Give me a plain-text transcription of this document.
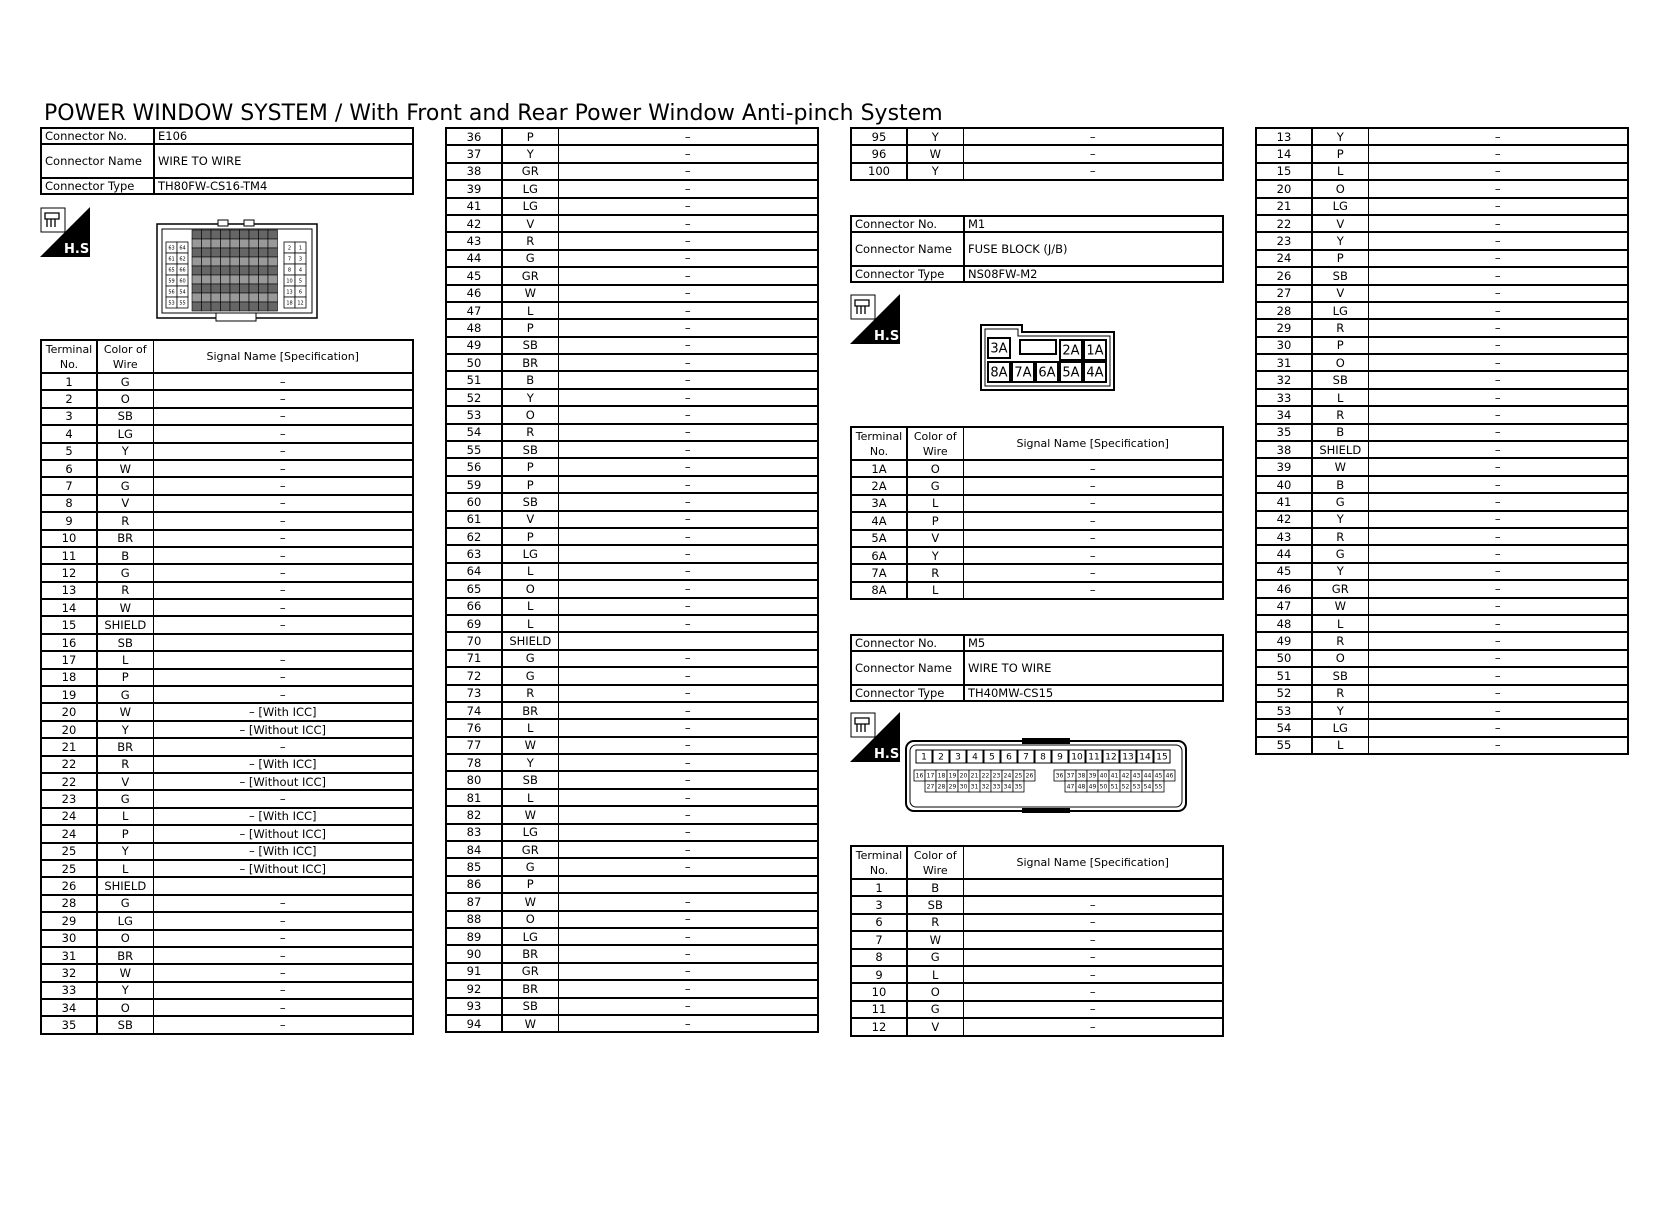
POWER WINDOW SYSTEM / With Front and Rear Power Window Anti-pinch System
Connector No.	E106
Connector Name	WIRE TO WIRE
Connector Type	TH80FW-CS16-TM4
H.S.	63 64
61 62
65 66
59 60
56 54
53 55
2 1
7 3
8 4
10 5
13 6
18 12
Terminal No.	Color of Wire	Signal Name [Specification]
1	G	–
2	O	–
3	SB	–
4	LG	–
5	Y	–
6	W	–
7	G	–
8	V	–
9	R	–
10	BR	–
11	B	–
12	G	–
13	R	–
14	W	–
15	SHIELD	–
16	SB	
17	L	–
18	P	–
19	G	–
20	W	– [With ICC]
20	Y	– [Without ICC]
21	BR	–
22	R	– [With ICC]
22	V	– [Without ICC]
23	G	–
24	L	– [With ICC]
24	P	– [Without ICC]
25	Y	– [With ICC]
25	L	– [Without ICC]
26	SHIELD	
28	G	–
29	LG	–
30	O	–
31	BR	–
32	W	–
33	Y	–
34	O	–
35	SB	–
36	P	–
37	Y	–
38	GR	–
39	LG	–
41	LG	–
42	V	–
43	R	–
44	G	–
45	GR	–
46	W	–
47	L	–
48	P	–
49	SB	–
50	BR	–
51	B	–
52	Y	–
53	O	–
54	R	–
55	SB	–
56	P	–
59	P	–
60	SB	–
61	V	–
62	P	–
63	LG	–
64	L	–
65	O	–
66	L	–
69	L	–
70	SHIELD	
71	G	–
72	G	–
73	R	–
74	BR	–
76	L	–
77	W	–
78	Y	–
80	SB	–
81	L	–
82	W	–
83	LG	–
84	GR	–
85	G	–
86	P	
87	W	–
88	O	–
89	LG	–
90	BR	–
91	GR	–
92	BR	–
93	SB	–
94	W	–
95	Y	–
96	W	–
100	Y	–
Connector No.	M1
Connector Name	FUSE BLOCK (J/B)
Connector Type	NS08FW-M2
H.S.
3A	2A 1A
8A 7A 6A 5A 4A
Terminal No.	Color of Wire	Signal Name [Specification]
1A	O	–
2A	G	–
3A	L	–
4A	P	–
5A	V	–
6A	Y	–
7A	R	–
8A	L	–
Connector No.	M5
Connector Name	WIRE TO WIRE
Connector Type	TH40MW-CS15
H.S. 1 2 3 4 5 6 7 8 9 10 11 12 13 14 15
16 17 18 19 20 21 22 23 24 25 26	36 37 38 39 40 41 42 43 44 45 46
27 28 29 30 31 32 33 34 35	47 48 49 50 51 52 53 54 55
Terminal No.	Color of Wire	Signal Name [Specification]
1	B	
3	SB	–
6	R	–
7	W	–
8	G	–
9	L	–
10	O	–
11	G	–
12	V	–
13	Y	–
14	P	–
15	L	–
20	O	–
21	LG	–
22	V	–
23	Y	–
24	P	–
26	SB	–
27	V	–
28	LG	–
29	R	–
30	P	–
31	O	–
32	SB	–
33	L	–
34	R	–
35	B	–
38	SHIELD	–
39	W	–
40	B	–
41	G	–
42	Y	–
43	R	–
44	G	–
45	Y	–
46	GR	–
47	W	–
48	L	–
49	R	–
50	O	–
51	SB	–
52	R	–
53	Y	–
54	LG	–
55	L	–
